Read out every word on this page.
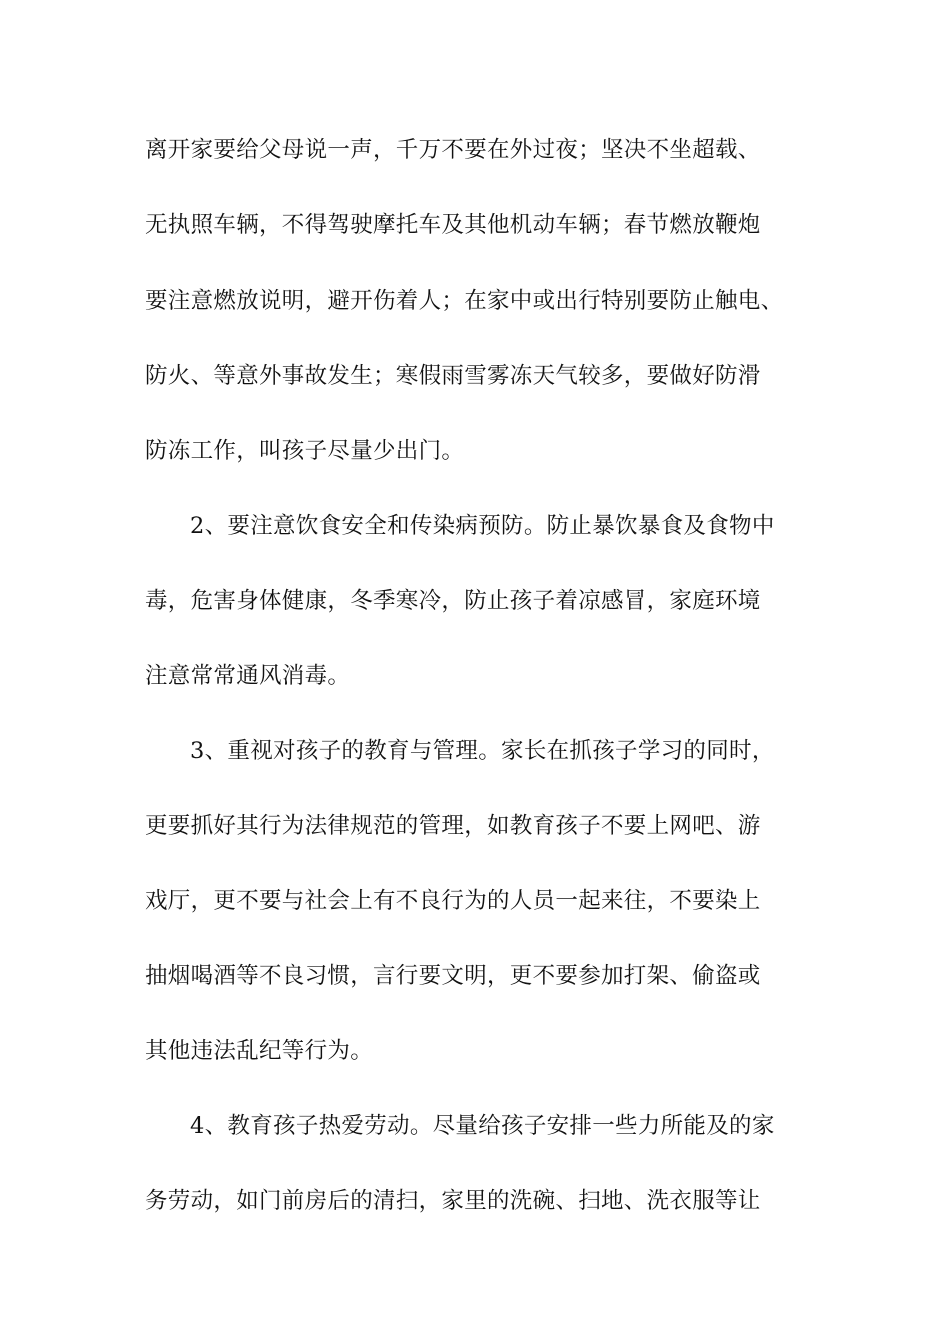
离开家要给父母说一声，千万不要在外过夜；坚决不坐超载、
无执照车辆，不得驾驶摩托车及其他机动车辆；春节燃放鞭炮
要注意燃放说明，避开伤着人；在家中或出行特别要防止触电、
防火、等意外事故发生；寒假雨雪雾冻天气较多，要做好防滑
防冻工作，叫孩子尽量少出门。
2、要注意饮食安全和传染病预防。防止暴饮暴食及食物中
毒，危害身体健康，冬季寒冷，防止孩子着凉感冒，家庭环境
注意常常通风消毒。
3、重视对孩子的教育与管理。家长在抓孩子学习的同时，
更要抓好其行为法律规范的管理，如教育孩子不要上网吧、游
戏厅，更不要与社会上有不良行为的人员一起来往，不要染上
抽烟喝酒等不良习惯，言行要文明，更不要参加打架、偷盗或
其他违法乱纪等行为。
4、教育孩子热爱劳动。尽量给孩子安排一些力所能及的家
务劳动，如门前房后的清扫，家里的洗碗、扫地、洗衣服等让
